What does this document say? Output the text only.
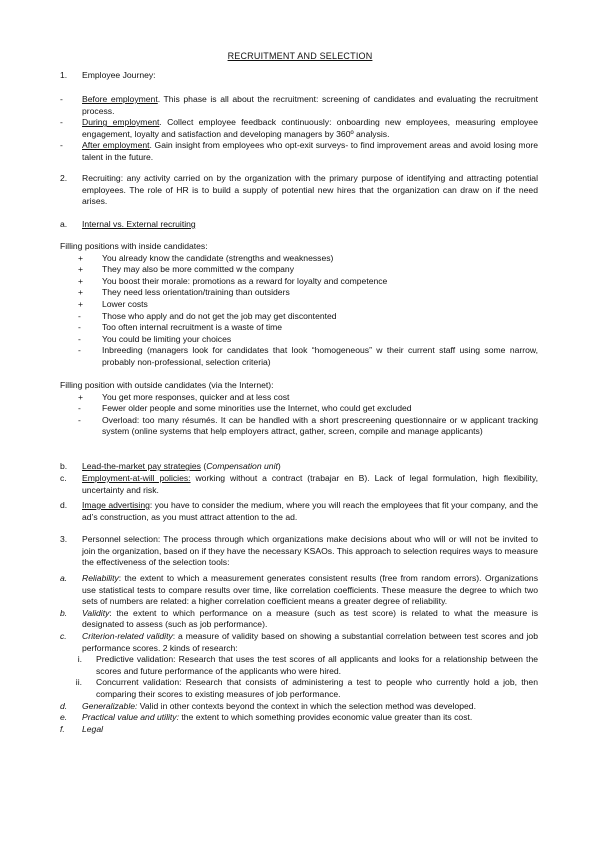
RECRUITMENT AND SELECTION
1.	Employee Journey:
-	Before employment. This phase is all about the recruitment: screening of candidates and evaluating the recruitment process.
-	During employment. Collect employee feedback continuously: onboarding new employees, measuring employee engagement, loyalty and satisfaction and developing managers by 360º analysis.
-	After employment. Gain insight from employees who opt-exit surveys- to find improvement areas and avoid losing more talent in the future.
2.	Recruiting: any activity carried on by the organization with the primary purpose of identifying and attracting potential employees. The role of HR is to build a supply of potential new hires that the organization can draw on if the need arises.
a.	Internal vs. External recruiting
Filling positions with inside candidates:
+	You already know the candidate (strengths and weaknesses)
+	They may also be more committed w the company
+	You boost their morale: promotions as a reward for loyalty and competence
+	They need less orientation/training than outsiders
+	Lower costs
-	Those who apply and do not get the job may get discontented
-	Too often internal recruitment is a waste of time
-	You could be limiting your choices
-	Inbreeding (managers look for candidates that look “homogeneous” w their current staff using some narrow, probably non-professional, selection criteria)
Filling position with outside candidates (via the Internet):
+	You get more responses, quicker and at less cost
-	Fewer older people and some minorities use the Internet, who could get excluded
-	Overload: too many résumés. It can be handled with a short prescreening questionnaire or w applicant tracking system (online systems that help employers attract, gather, screen, compile and manage applicants)
b.	Lead-the-market pay strategies (Compensation unit)
c.	Employment-at-will policies: working without a contract (trabajar en B). Lack of legal formulation, high flexibility, uncertainty and risk.
d.	Image advertising: you have to consider the medium, where you will reach the employees that fit your company, and the ad’s construction, as you must attract attention to the ad.
3.	Personnel selection: The process through which organizations make decisions about who will or will not be invited to join the organization, based on if they have the necessary KSAOs. This approach to selection requires ways to measure the effectiveness of the selection tools:
a.	Reliability: the extent to which a measurement generates consistent results (free from random errors). Organizations use statistical tests to compare results over time, like correlation coefficients. These measure the degree to which two sets of numbers are related: a higher correlation coefficient means a greater degree of reliability.
b.	Validity: the extent to which performance on a measure (such as test score) is related to what the measure is designated to assess (such as job performance).
c.	Criterion-related validity: a measure of validity based on showing a substantial correlation between test scores and job performance scores. 2 kinds of research:
i.	Predictive validation: Research that uses the test scores of all applicants and looks for a relationship between the scores and future performance of the applicants who were hired.
ii.	Concurrent validation: Research that consists of administering a test to people who currently hold a job, then comparing their scores to existing measures of job performance.
d.	Generalizable: Valid in other contexts beyond the context in which the selection method was developed.
e.	Practical value and utility: the extent to which something provides economic value greater than its cost.
f.	Legal
